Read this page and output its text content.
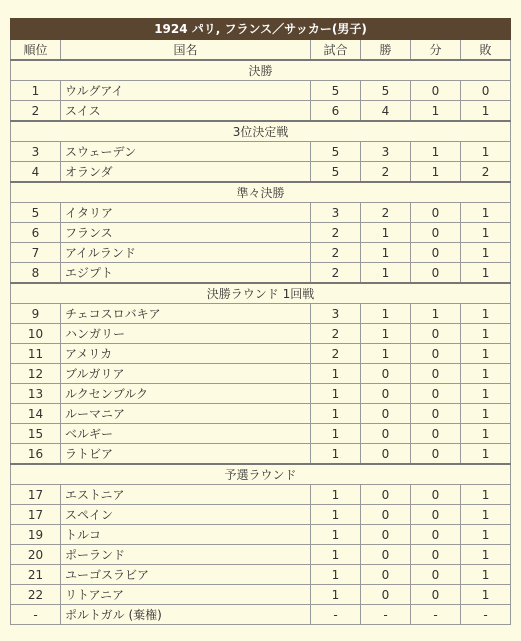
1924 パリ, フランス／サッカー(男子)					
順位	国名	試合	勝	分	敗
決勝					
1	ウルグアイ	5	5	0	0
2	スイス	6	4	1	1
3位決定戦					
3	スウェーデン	5	3	1	1
4	オランダ	5	2	1	2
準々決勝					
5	イタリア	3	2	0	1
6	フランス	2	1	0	1
7	アイルランド	2	1	0	1
8	エジプト	2	1	0	1
決勝ラウンド 1回戦					
9	チェコスロバキア	3	1	1	1
10	ハンガリー	2	1	0	1
11	アメリカ	2	1	0	1
12	ブルガリア	1	0	0	1
13	ルクセンブルク	1	0	0	1
14	ルーマニア	1	0	0	1
15	ベルギー	1	0	0	1
16	ラトビア	1	0	0	1
予選ラウンド					
17	エストニア	1	0	0	1
17	スペイン	1	0	0	1
19	トルコ	1	0	0	1
20	ポーランド	1	0	0	1
21	ユーゴスラビア	1	0	0	1
22	リトアニア	1	0	0	1
-	ポルトガル (棄権)	-	-	-	-
